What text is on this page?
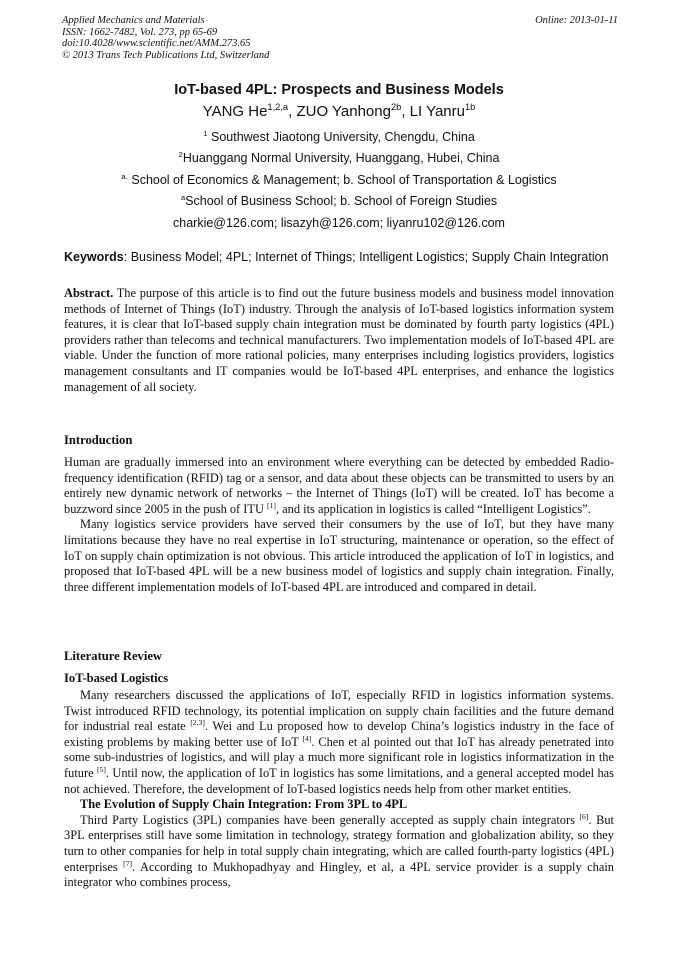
Applied Mechanics and Materials
ISSN: 1662-7482, Vol. 273, pp 65-69
doi:10.4028/www.scientific.net/AMM.273.65
© 2013 Trans Tech Publications Ltd, Switzerland
Online: 2013-01-11
IoT-based 4PL: Prospects and Business Models
YANG He$^{1,2,a}$, ZUO Yanhong$^{2b}$, LI Yanru$^{1b}$
$^1$ Southwest Jiaotong University, Chengdu, China
$^2$Huanggang Normal University, Huanggang, Hubei, China
$^{a.}$ School of Economics & Management; b. School of Transportation & Logistics
$^a$School of Business School; b. School of Foreign Studies
charkie@126.com; lisazyh@126.com; liyanru102@126.com
Keywords: Business Model; 4PL; Internet of Things; Intelligent Logistics; Supply Chain Integration

Abstract. The purpose of this article is to find out the future business models and business model innovation methods of Internet of Things (IoT) industry. Through the analysis of IoT-based logistics information system features, it is clear that IoT-based supply chain integration must be dominated by fourth party logistics (4PL) providers rather than telecoms and technical manufacturers. Two implementation models of IoT-based 4PL are viable. Under the function of more rational policies, many enterprises including logistics providers, logistics management consultants and IT companies would be IoT-based 4PL enterprises, and enhance the logistics management of all society.

Introduction

Human are gradually immersed into an environment where everything can be detected by embedded Radio-frequency identification (RFID) tag or a sensor, and data about these objects can be transmitted to users by an entirely new dynamic network of networks – the Internet of Things (IoT) will be created. IoT has become a buzzword since 2005 in the push of ITU [1], and its application in logistics is called “Intelligent Logistics”.

Many logistics service providers have served their consumers by the use of IoT, but they have many limitations because they have no real expertise in IoT structuring, maintenance or operation, so the effect of IoT on supply chain optimization is not obvious. This article introduced the application of IoT in logistics, and proposed that IoT-based 4PL will be a new business model of logistics and supply chain integration. Finally, three different implementation models of IoT-based 4PL are introduced and compared in detail.

Literature Review
IoT-based Logistics

Many researchers discussed the applications of IoT, especially RFID in logistics information systems. Twist introduced RFID technology, its potential implication on supply chain facilities and the future demand for industrial real estate [2,3]. Wei and Lu proposed how to develop China’s logistics industry in the face of existing problems by making better use of IoT [4]. Chen et al pointed out that IoT has already penetrated into some sub-industries of logistics, and will play a much more significant role in logistics informatization in the future [5]. Until now, the application of IoT in logistics has some limitations, and a general accepted model has not achieved. Therefore, the development of IoT-based logistics needs help from other market entities.

The Evolution of Supply Chain Integration: From 3PL to 4PL

Third Party Logistics (3PL) companies have been generally accepted as supply chain integrators [6]. But 3PL enterprises still have some limitation in technology, strategy formation and globalization ability, so they turn to other companies for help in total supply chain integrating, which are called fourth-party logistics (4PL) enterprises [7]. According to Mukhopadhyay and Hingley, et al, a 4PL service provider is a supply chain integrator who combines process,
